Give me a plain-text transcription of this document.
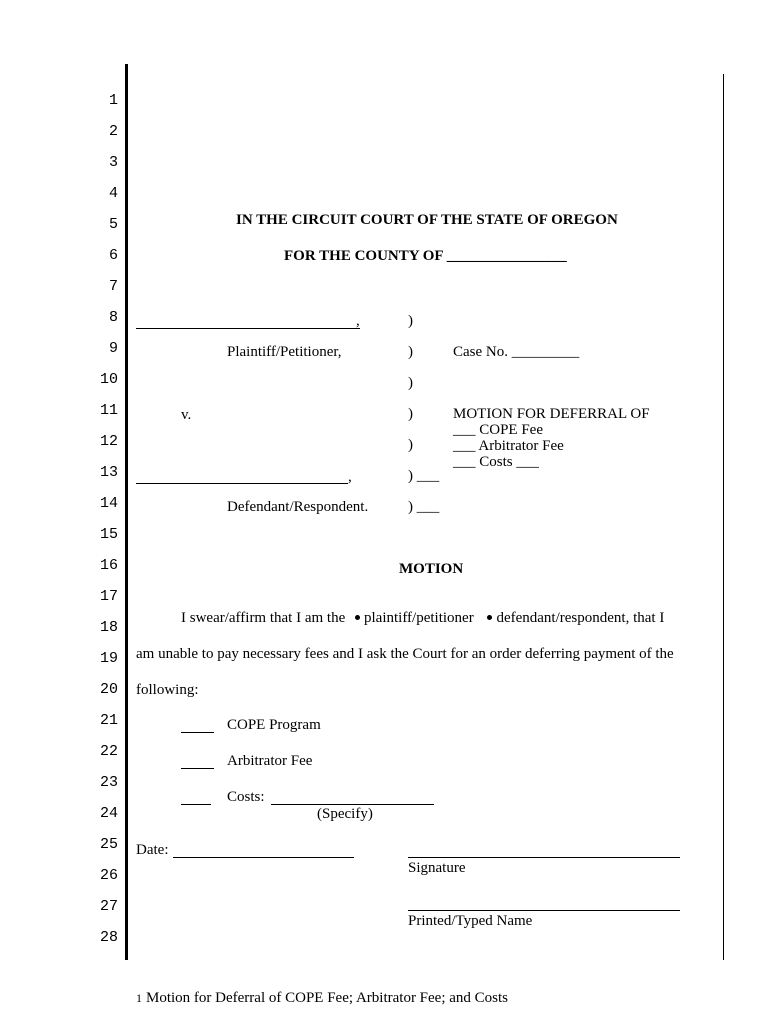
1
2
3
4
5
6
7
8
9
10
11
12
13
14
15
16
17
18
19
20
21
22
23
24
25
26
27
28
IN THE CIRCUIT COURT OF THE STATE OF OREGON
FOR THE COUNTY OF ________________
,
Plaintiff/Petitioner,
v.
,
Defendant/Respondent.
)
)
)
)
)
) ___
) ___
Case No. _________
MOTION FOR DEFERRAL OF
___ COPE Fee
___ Arbitrator Fee
___ Costs ___
MOTION
I swear/affirm that I am the plaintiff/petitioner defendant/respondent, that I
am unable to pay necessary fees and I ask the Court for an order deferring payment of the
following:
COPE Program
Arbitrator Fee
Costs:
(Specify)
Date:
Signature
Printed/Typed Name
1 Motion for Deferral of COPE Fee; Arbitrator Fee; and Costs
